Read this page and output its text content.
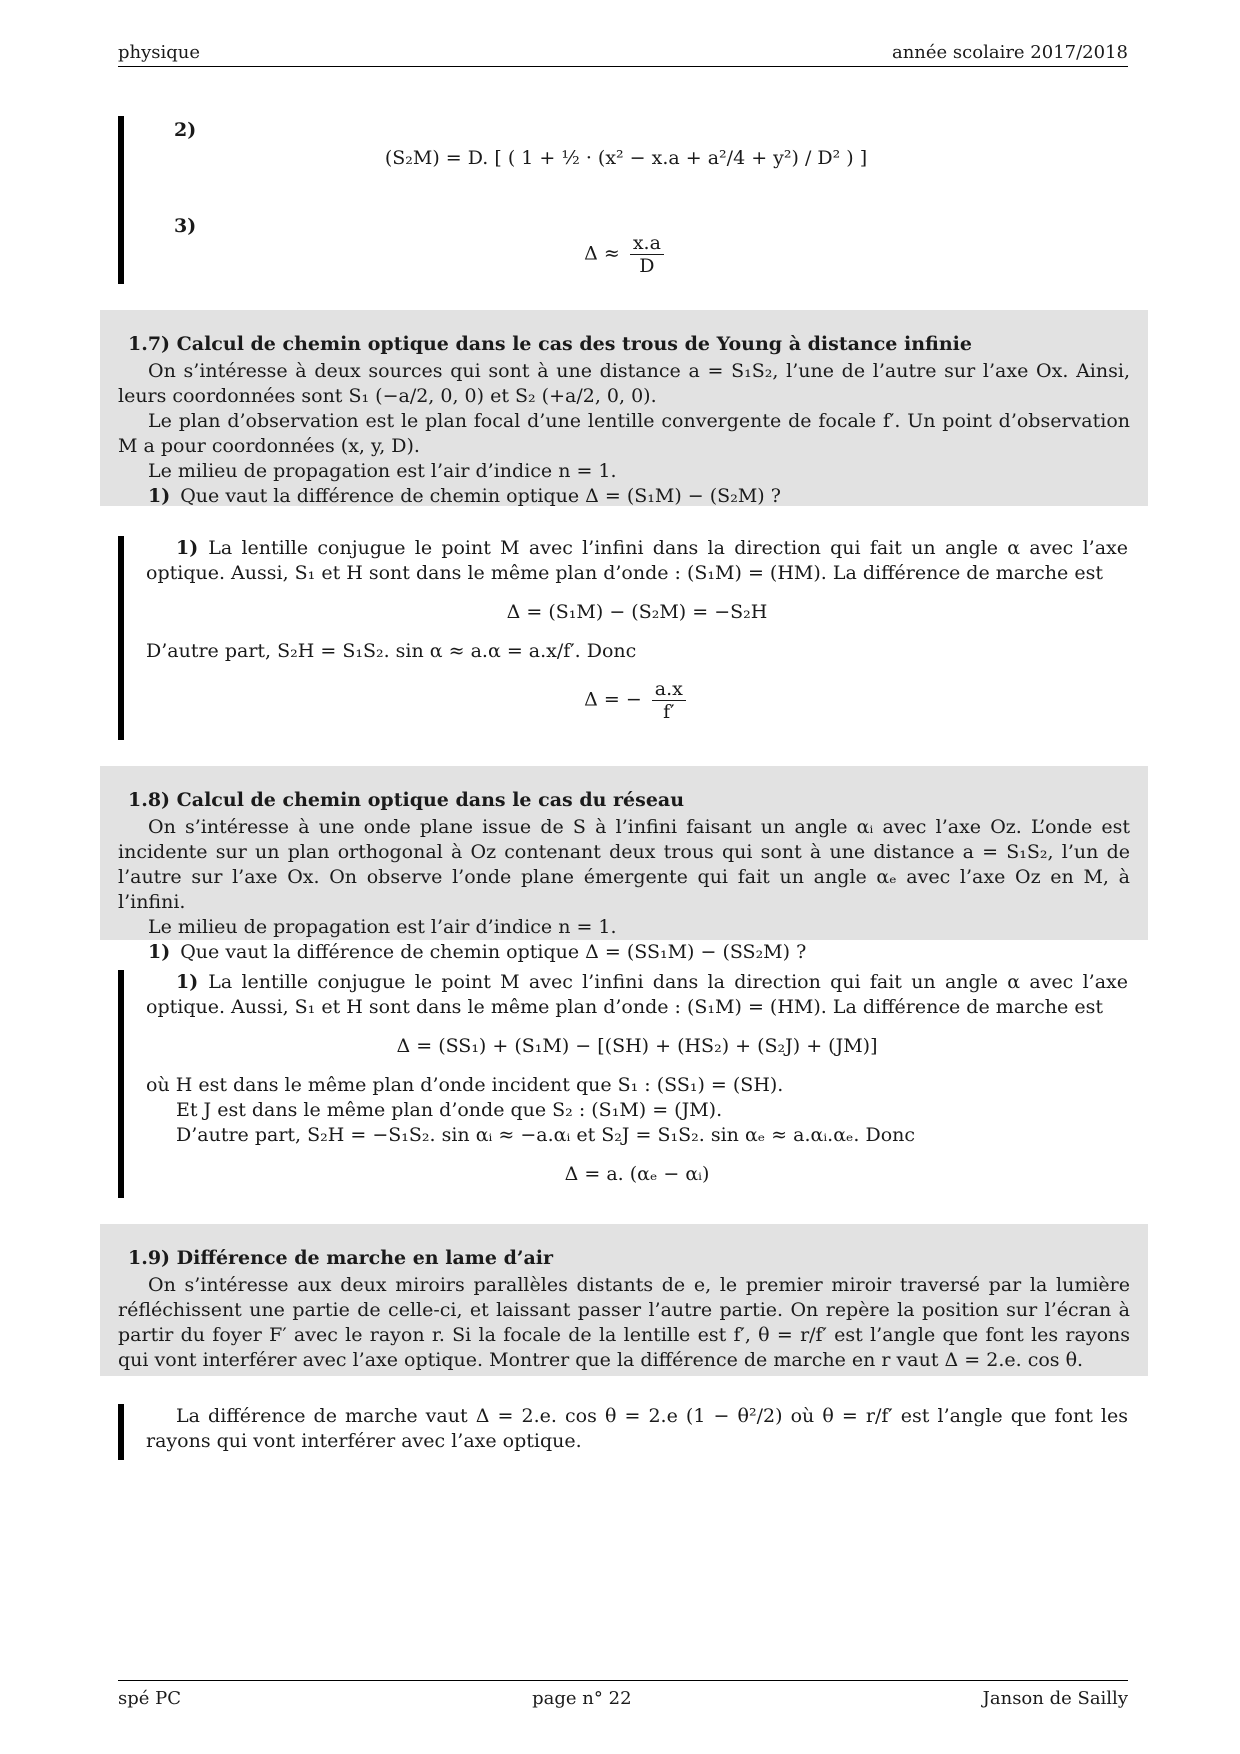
physique	année scolaire 2017/2018
2)
(S₂M) = D. [ ( 1 + ½ · (x² − x.a + a²/4 + y²) / D² ) ]
3)
$\Delta \approx \frac{x.a}{D}$
1.7) Calcul de chemin optique dans le cas des trous de Young à distance infinie

On s’intéresse à deux sources qui sont à une distance a = S₁S₂, l’une de l’autre sur l’axe Ox. Ainsi, leurs coordonnées sont S₁ (−a/2, 0, 0) et S₂ (+a/2, 0, 0).

Le plan d’observation est le plan focal d’une lentille convergente de focale f′. Un point d’observation M a pour coordonnées (x, y, D).

Le milieu de propagation est l’air d’indice n = 1.

1) Que vaut la différence de chemin optique Δ = (S₁M) − (S₂M) ?

1) La lentille conjugue le point M avec l’infini dans la direction qui fait un angle α avec l’axe optique. Aussi, S₁ et H sont dans le même plan d’onde : (S₁M) = (HM). La différence de marche est

Δ = (S₁M) − (S₂M) = −S₂H

D’autre part, S₂H = S₁S₂. sin α ≈ a.α = a.x/f′. Donc

Δ = − $\frac{a.x}{f'}$
1.8) Calcul de chemin optique dans le cas du réseau

On s’intéresse à une onde plane issue de S à l’infini faisant un angle αᵢ avec l’axe Oz. L’onde est incidente sur un plan orthogonal à Oz contenant deux trous qui sont à une distance a = S₁S₂, l’un de l’autre sur l’axe Ox. On observe l’onde plane émergente qui fait un angle αₑ avec l’axe Oz en M, à l’infini.

Le milieu de propagation est l’air d’indice n = 1.

1) Que vaut la différence de chemin optique Δ = (SS₁M) − (SS₂M) ?

1) La lentille conjugue le point M avec l’infini dans la direction qui fait un angle α avec l’axe optique. Aussi, S₁ et H sont dans le même plan d’onde : (S₁M) = (HM). La différence de marche est

Δ = (SS₁) + (S₁M) − [(SH) + (HS₂) + (S₂J) + (JM)]

où H est dans le même plan d’onde incident que S₁ : (SS₁) = (SH).

Et J est dans le même plan d’onde que S₂ : (S₁M) = (JM).

D’autre part, S₂H = −S₁S₂. sin αᵢ ≈ −a.αᵢ et S₂J = S₁S₂. sin αₑ ≈ a.αᵢ.αₑ. Donc

Δ = a. (αₑ − αᵢ)
1.9) Différence de marche en lame d’air

On s’intéresse aux deux miroirs parallèles distants de e, le premier miroir traversé par la lumière réfléchissent une partie de celle-ci, et laissant passer l’autre partie. On repère la position sur l’écran à partir du foyer F′ avec le rayon r. Si la focale de la lentille est f′, θ = r/f′ est l’angle que font les rayons qui vont interférer avec l’axe optique. Montrer que la différence de marche en r vaut Δ = 2.e. cos θ.

La différence de marche vaut Δ = 2.e. cos θ = 2.e (1 − θ²/2) où θ = r/f′ est l’angle que font les rayons qui vont interférer avec l’axe optique.

spé PC	page n° 22	Janson de Sailly
